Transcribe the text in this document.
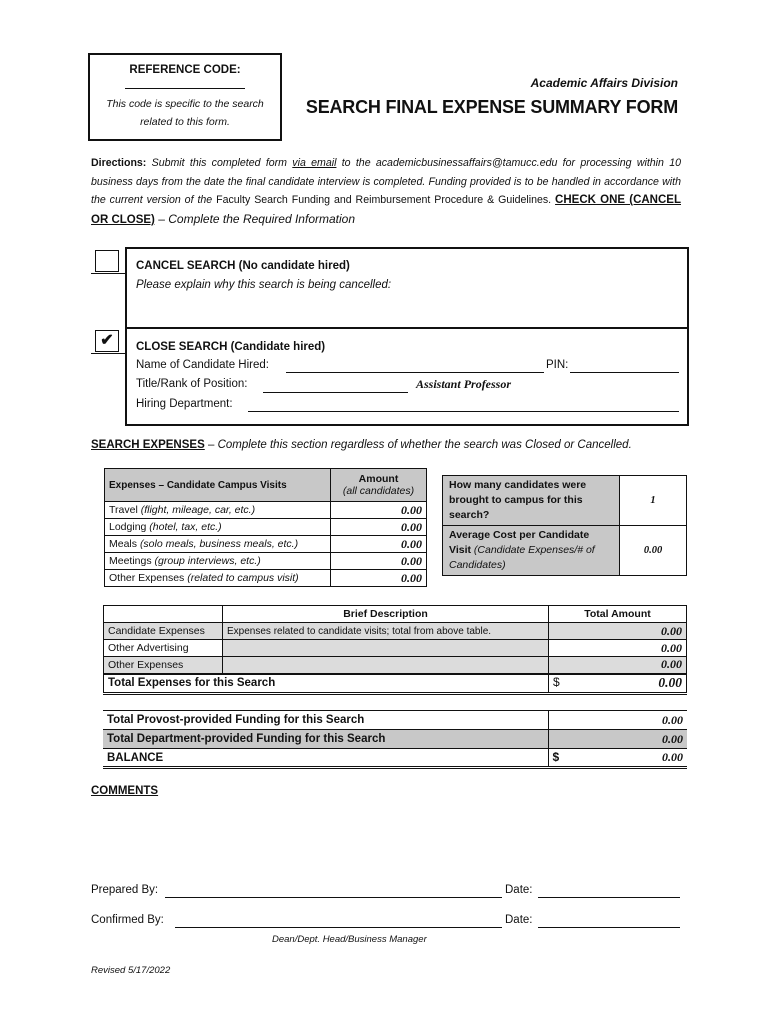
REFERENCE CODE:
This code is specific to the search
related to this form.
Academic Affairs Division
SEARCH FINAL EXPENSE SUMMARY FORM
Directions: Submit this completed form via email to the academicbusinessaffairs@tamucc.edu for processing within 10 business days from the date the final candidate interview is completed. Funding provided is to be handled in accordance with the current version of the Faculty Search Funding and Reimbursement Procedure & Guidelines. CHECK ONE (CANCEL OR CLOSE) – Complete the Required Information
CANCEL SEARCH (No candidate hired)
Please explain why this search is being cancelled:
✔	CLOSE SEARCH (Candidate hired)
Name of Candidate Hired:	PIN:
Title/Rank of Position:	Assistant Professor
Hiring Department:
SEARCH EXPENSES – Complete this section regardless of whether the search was Closed or Cancelled.
Expenses – Candidate Campus Visits	Amount
(all candidates)

Travel (flight, mileage, car, etc.)	0.00
Lodging (hotel, tax, etc.)	0.00
Meals (solo meals, business meals, etc.)	0.00
Meetings (group interviews, etc.)	0.00
Other Expenses (related to campus visit)	0.00
How many candidates were brought to campus for this search?	1
Average Cost per Candidate Visit (Candidate Expenses/# of Candidates)	0.00
	Brief Description	Total Amount
Candidate Expenses	Expenses related to candidate visits; total from above table.	0.00
Other Advertising		0.00
Other Expenses		0.00
Total Expenses for this Search		$ 0.00
Total Provost-provided Funding for this Search	0.00
Total Department-provided Funding for this Search	0.00
BALANCE	$ 0.00
COMMENTS
Prepared By:	Date:
Confirmed By:	Date:
Dean/Dept. Head/Business Manager
Revised 5/17/2022
